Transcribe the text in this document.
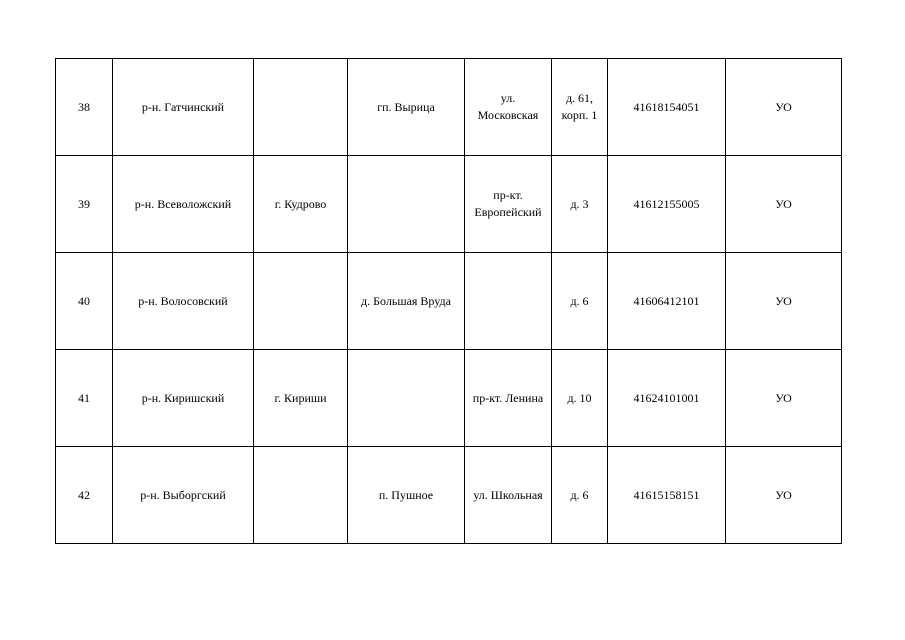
38	р-н. Гатчинский		гп. Вырица	ул.
Московская	д. 61,
корп. 1	41618154051	УО
39	р-н. Всеволожский	г. Кудрово		пр-кт.
Европейский	д. 3	41612155005	УО
40	р-н. Волосовский		д. Большая Вруда		д. 6	41606412101	УО
41	р-н. Киришский	г. Кириши		пр-кт. Ленина	д. 10	41624101001	УО
42	р-н. Выборгский		п. Пушное	ул. Школьная	д. 6	41615158151	УО
